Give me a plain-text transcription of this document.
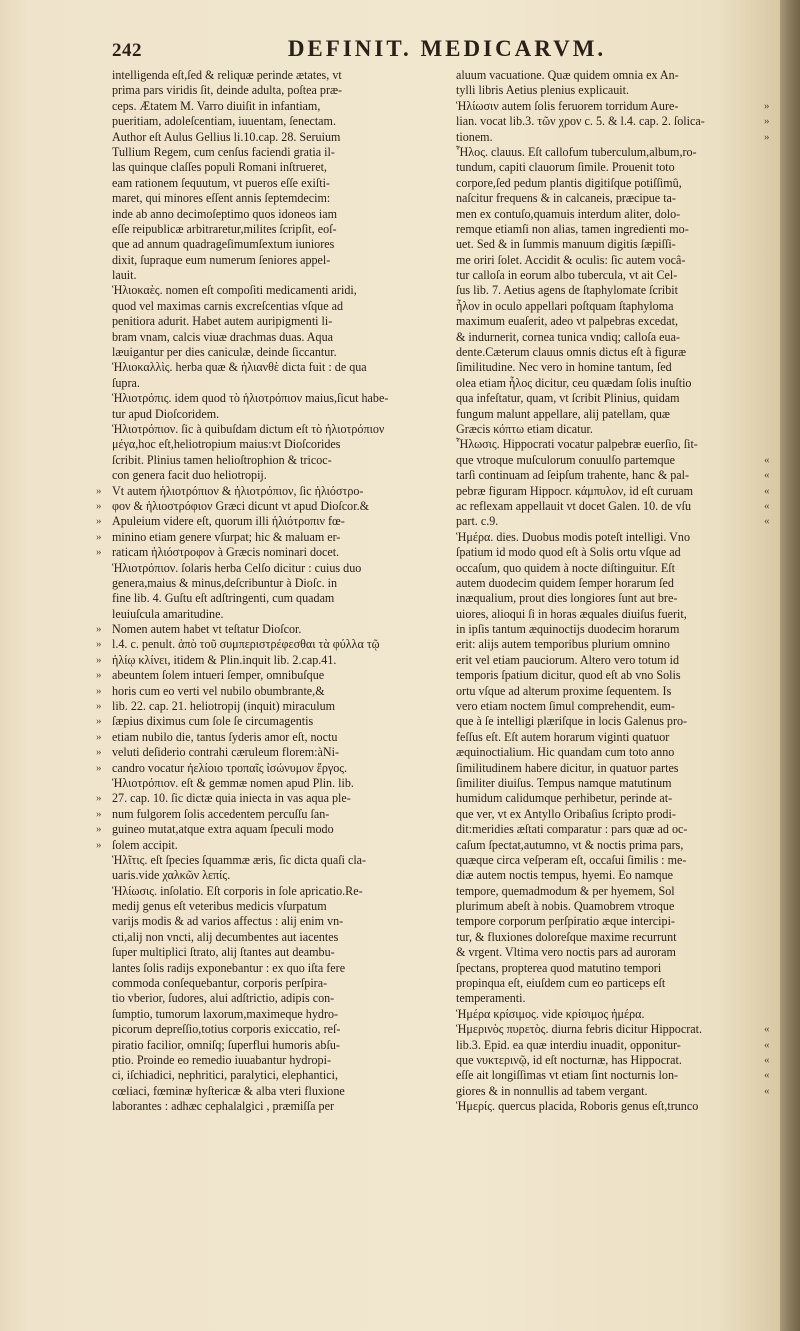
242	DEFINIT. MEDICARVM.
»
»
»
»
»
»
»
»
»
»
»
»
»
»
»
»
»
»
»
intelligenda eſt,ſed & reliquæ perinde ætates, vt
prima pars viridis ſit, deinde adulta, poſtea præ-
ceps. Ætatem M. Varro diuiſit in infantiam,
pueritiam, adoleſcentiam, iuuentam, ſenectam.
Author eſt Aulus Gellius li.10.cap. 28. Seruium
Tullium Regem, cum cenſus faciendi gratia il-
las quinque claſſes populi Romani inſtrueret,
eam rationem ſequutum, vt pueros eſſe exiſti-
maret, qui minores eſſent annis ſeptemdecim:
inde ab anno decimoſeptimo quos idoneos iam
eſſe reipublicæ arbitraretur,milites ſcripſit, eoſ-
que ad annum quadrageſimumſextum iuniores
dixit, ſupraque eum numerum ſeniores appel-
lauit.
Ἡλιοκαὲς. nomen eſt compoſiti medicamenti aridi,
quod vel maximas carnis excreſcentias vſque ad
penitiora adurit. Habet autem auripigmenti li-
bram vnam, calcis viuæ drachmas duas. Aqua
læuigantur per dies caniculæ, deinde ſiccantur.
Ἡλιοκαλλὶς. herba quæ & ἠλιανθὲ dicta fuit : de qua
ſupra.
Ἡλιοτρόπις. idem quod τὸ ἡλιοτρόπιον maius,ſicut habe-
tur apud Dioſcoridem.
Ἡλιοτρόπιον. ſic à quibuſdam dictum eſt τὸ ἡλιοτρόπιον
μέγα,hoc eſt,heliotropium maius:vt Dioſcorides
ſcribit. Plinius tamen helioſtrophion & tricoc-
con genera facit duo heliotropij.
Vt autem ἡλιοτρόπιον & ἡλιοτρόπιον, ſic ἡλιόστρο-
φον & ἡλιοστρόφιον Græci dicunt vt apud Dioſcor.&
Apuleium videre eſt, quorum illi ἡλιότροπιν fœ-
minino etiam genere vſurpat; hic & maluam er-
raticam ἡλιόστροφον à Græcis nominari docet.
Ἡλιοτρόπιον. ſolaris herba Celſo dicitur : cuius duo
genera,maius & minus,deſcribuntur à Dioſc. in
fine lib. 4. Guſtu eſt adſtringenti, cum quadam
leuiuſcula amaritudine.
Nomen autem habet vt teſtatur Dioſcor.
l.4. c. penult. ἀπὸ τοῦ συμπεριστρέφεσθαι τὰ φύλλα τῷ
ἡλίῳ κλίνει, itidem & Plin.inquit lib. 2.cap.41.
abeuntem ſolem intueri ſemper, omnibuſque
horis cum eo verti vel nubilo obumbrante,&
lib. 22. cap. 21. heliotropij (inquit) miraculum
ſæpius diximus cum ſole ſe circumagentis
etiam nubilo die, tantus ſyderis amor eſt, noctu
veluti deſiderio contrahi cæruleum florem:àNi-
candro vocatur ἠελίοιο τροπαῖς ἰσώνυμον ἔργος.
Ἡλιοτρόπιον. eſt & gemmæ nomen apud Plin. lib.
27. cap. 10. ſic dictæ quia iniecta in vas aqua ple-
num fulgorem ſolis accedentem percuſſu ſan-
guineo mutat,atque extra aquam ſpeculi modo
ſolem accipit.
Ἡλῖτις. eſt ſpecies ſquammæ æris, ſic dicta quaſi cla-
uaris.vide χαλκῶν λεπίς.
Ἡλίωσις. inſolatio. Eſt corporis in ſole apricatio.Re-
medij genus eſt veteribus medicis vſurpatum
varijs modis & ad varios affectus : alij enim vn-
cti,alij non vncti, alij decumbentes aut iacentes
ſuper multiplici ſtrato, alij ſtantes aut deambu-
lantes ſolis radijs exponebantur : ex quo iſta fere
commoda conſequebantur, corporis perſpira-
tio vberior, ſudores, alui adſtrictio, adipis con-
ſumptio, tumorum laxorum,maximeque hydro-
picorum depreſſio,totius corporis exiccatio, reſ-
piratio facilior, omniſq; ſuperflui humoris abſu-
ptio. Proinde eo remedio iuuabantur hydropi-
ci, iſchiadici, nephritici, paralytici, elephantici,
cœliaci, fœminæ hyſtericæ & alba vteri fluxione
laborantes : adhæc cephalalgici , præmiſſa per
aluum vacuatione. Quæ quidem omnia ex An-
tylli libris Aetius plenius explicauit.
Ἡλίωσιν autem ſolis feruorem torridum Aure-
lian. vocat lib.3. τῶν χρον c. 5. & l.4. cap. 2. ſolica-
tionem.
Ἧλος. clauus. Eſt callofum tuberculum,album,ro-
tundum, capiti clauorum ſimile. Prouenit toto
corpore,ſed pedum plantis digitiſque potiſſimû,
naſcitur frequens & in calcaneis, præcipue ta-
men ex contuſo,quamuis interdum aliter, dolo-
remque etiamſi non alias, tamen ingredienti mo-
uet. Sed & in ſummis manuum digitis ſæpiſſi-
me oriri ſolet. Accidit & oculis: ſic autem vocâ-
tur calloſa in eorum albo tubercula, vt ait Cel-
ſus lib. 7. Aetius agens de ſtaphylomate ſcribit
ἧλον in oculo appellari poſtquam ſtaphyloma
maximum euaſerit, adeo vt palpebras excedat,
& indurnerit, cornea tunica vndiq; calloſa eua-
dente.Cæterum clauus omnis dictus eſt à figuræ
ſimilitudine. Nec vero in homine tantum, ſed
olea etiam ἧλος dicitur, ceu quædam ſolis inuſtio
qua infeſtatur, quam, vt ſcribit Plinius, quidam
fungum malunt appellare, alij patellam, quæ
Græcis κόπτω etiam dicatur.
Ἧλωσις. Hippocrati vocatur palpebræ euerſio, ſit-
que vtroque muſculorum conuulſo partemque
tarſi continuam ad ſeipſum trahente, hanc & pal-
pebræ figuram Hippocr. κάμπυλον, id eſt curuam
ac reflexam appellauit vt docet Galen. 10. de vſu
part. c.9.
Ἡμέρα. dies. Duobus modis poteſt intelligi. Vno
ſpatium id modo quod eſt à Solis ortu vſque ad
occaſum, quo quidem à nocte diſtinguitur. Eſt
autem duodecim quidem ſemper horarum ſed
inæqualium, prout dies longiores ſunt aut bre-
uiores, alioqui ſi in horas æquales diuiſus fuerit,
in ipſis tantum æquinoctijs duodecim horarum
erit: alijs autem temporibus plurium omnino
erit vel etiam pauciorum. Altero vero totum id
temporis ſpatium dicitur, quod eſt ab vno Solis
ortu vſque ad alterum proxime ſequentem. Is
vero etiam noctem ſimul comprehendit, eum-
que à ſe intelligi plæriſque in locis Galenus pro-
feſſus eſt. Eſt autem horarum viginti quatuor
æquinoctialium. Hic quandam cum toto anno
ſimilitudinem habere dicitur, in quatuor partes
ſimiliter diuiſus. Tempus namque matutinum
humidum calidumque perhibetur, perinde at-
que ver, vt ex Antyllo Oribaſius ſcripto prodi-
dit:meridies æſtati comparatur : pars quæ ad oc-
caſum ſpectat,autumno, vt & noctis prima pars,
quæque circa veſperam eſt, occaſui ſimilis : me-
diæ autem noctis tempus, hyemi. Eo namque
tempore, quemadmodum & per hyemem, Sol
plurimum abeſt à nobis. Quamobrem vtroque
tempore corporum perſpiratio æque intercipi-
tur, & fluxiones doloreſque maxime recurrunt
& vrgent. Vltima vero noctis pars ad auroram
ſpectans, propterea quod matutino tempori
propinqua eſt, eiuſdem cum eo particeps eſt
temperamenti.
Ἡμέρα κρίσιμος. vide κρίσιμος ἡμέρα.
Ἡμερινὸς πυρετὸς. diurna febris dicitur Hippocrat.
lib.3. Epid. ea quæ interdiu inuadit, opponitur-
que νυκτερινῷ, id eſt nocturnæ, has Hippocrat.
eſſe ait longiſſimas vt etiam ſint nocturnis lon-
giores & in nonnullis ad tabem vergant.
Ἡμερίς. quercus placida, Roboris genus eſt,trunco
»
»
»
«
«
«
«
«
«
«
«
«
«
